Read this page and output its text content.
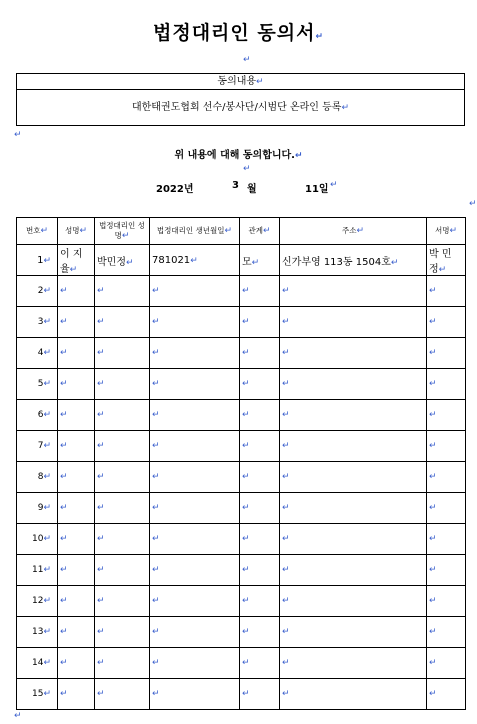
법정대리인 동의서↵
↵
동의내용↵
대한태권도협회 선수/봉사단/시범단 온라인 등록↵
↵
위 내용에 대해 동의합니다.↵
↵
2022년	3 월	11일 ↵
↵
번호↵	성명↵	법정대리인 성명↵	법정대리인 생년월일↵	관계↵	주소↵	서명↵
1↵	이 지 율↵	박민정↵	781021↵	모↵	신가부영 113동 1504호↵	박 민 정↵
2↵	↵	↵	↵	↵	↵	↵
3↵	↵	↵	↵	↵	↵	↵
4↵	↵	↵	↵	↵	↵	↵
5↵	↵	↵	↵	↵	↵	↵
6↵	↵	↵	↵	↵	↵	↵
7↵	↵	↵	↵	↵	↵	↵
8↵	↵	↵	↵	↵	↵	↵
9↵	↵	↵	↵	↵	↵	↵
10↵	↵	↵	↵	↵	↵	↵
11↵	↵	↵	↵	↵	↵	↵
12↵	↵	↵	↵	↵	↵	↵
13↵	↵	↵	↵	↵	↵	↵
14↵	↵	↵	↵	↵	↵	↵
15↵	↵	↵	↵	↵	↵	↵
↵
